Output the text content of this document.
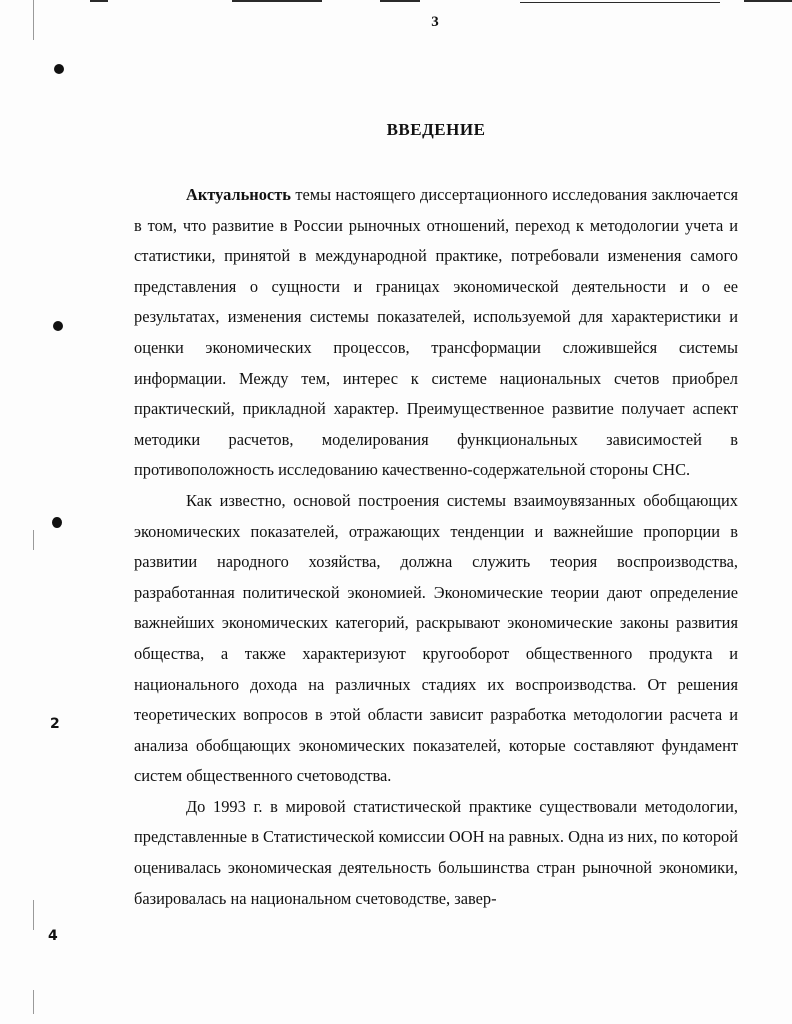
2
4
3
ВВЕДЕНИЕ

Актуальность темы настоящего диссертационного исследования заключается в том, что развитие в России рыночных отношений, переход к методологии учета и статистики, принятой в международной практике, потребовали изменения самого представления о сущности и границах экономической деятельности и о ее результатах, изменения системы показателей, используемой для характеристики и оценки экономических процессов, трансформации сложившейся системы информации. Между тем, интерес к системе национальных счетов приобрел практический, прикладной характер. Преимущественное развитие получает аспект методики расчетов, моделирования функциональных зависимостей в противоположность исследованию качественно-содержательной стороны СНС.

Как известно, основой построения системы взаимоувязанных обобщающих экономических показателей, отражающих тенденции и важнейшие пропорции в развитии народного хозяйства, должна служить теория воспроизводства, разработанная политической экономией. Экономические теории дают определение важнейших экономических категорий, раскрывают экономические законы развития общества, а также характеризуют кругооборот общественного продукта и национального дохода на различных стадиях их воспроизводства. От решения теоретических вопросов в этой области зависит разработка методологии расчета и анализа обобщающих экономических показателей, которые составляют фундамент систем общественного счетоводства.

До 1993 г. в мировой статистической практике существовали методологии, представленные в Статистической комиссии ООН на равных. Одна из них, по которой оценивалась экономическая деятельность большинства стран рыночной экономики, базировалась на национальном счетоводстве, завер-
